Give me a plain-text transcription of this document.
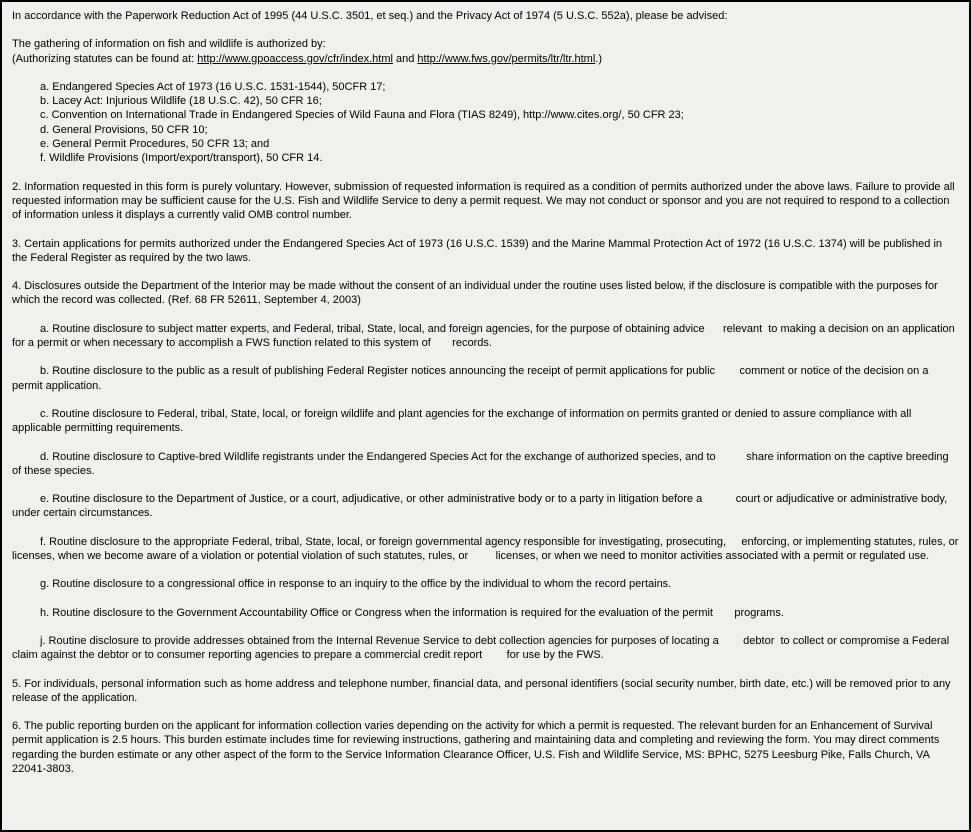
In accordance with the Paperwork Reduction Act of 1995 (44 U.S.C. 3501, et seq.) and the Privacy Act of 1974 (5 U.S.C. 552a), please be advised:

The gathering of information on fish and wildlife is authorized by:

(Authorizing statutes can be found at: http://www.gpoaccess.gov/cfr/index.html and http://www.fws.gov/permits/ltr/ltr.html.)

a. Endangered Species Act of 1973 (16 U.S.C. 1531-1544), 50CFR 17;

b. Lacey Act: Injurious Wildlife (18 U.S.C. 42), 50 CFR 16;

c. Convention on International Trade in Endangered Species of Wild Fauna and Flora (TIAS 8249), http://www.cites.org/, 50 CFR 23;

d. General Provisions, 50 CFR 10;

e. General Permit Procedures, 50 CFR 13; and

f. Wildlife Provisions (Import/export/transport), 50 CFR 14.

2. Information requested in this form is purely voluntary. However, submission of requested information is required as a condition of permits authorized under the above laws. Failure to provide all requested information may be sufficient cause for the U.S. Fish and Wildlife Service to deny a permit request. We may not conduct or sponsor and you are not required to respond to a collection of information unless it displays a currently valid OMB control number.

3. Certain applications for permits authorized under the Endangered Species Act of 1973 (16 U.S.C. 1539) and the Marine Mammal Protection Act of 1972 (16 U.S.C. 1374) will be published in the Federal Register as required by the two laws.

4. Disclosures outside the Department of the Interior may be made without the consent of an individual under the routine uses listed below, if the disclosure is compatible with the purposes for which the record was collected. (Ref. 68 FR 52611, September 4, 2003)

a. Routine disclosure to subject matter experts, and Federal, tribal, State, local, and foreign agencies, for the purpose of obtaining advice      relevant  to making a decision on an application for a permit or when necessary to accomplish a FWS function related to this system of       records.

b. Routine disclosure to the public as a result of publishing Federal Register notices announcing the receipt of permit applications for public        comment or notice of the decision on a permit application.

c. Routine disclosure to Federal, tribal, State, local, or foreign wildlife and plant agencies for the exchange of information on permits granted or denied to assure compliance with all applicable permitting requirements.

d. Routine disclosure to Captive-bred Wildlife registrants under the Endangered Species Act for the exchange of authorized species, and to          share information on the captive breeding of these species.

e. Routine disclosure to the Department of Justice, or a court, adjudicative, or other administrative body or to a party in litigation before a           court or adjudicative or administrative body, under certain circumstances.

f. Routine disclosure to the appropriate Federal, tribal, State, local, or foreign governmental agency responsible for investigating, prosecuting,     enforcing, or implementing statutes, rules, or licenses, when we become aware of a violation or potential violation of such statutes, rules, or         licenses, or when we need to monitor activities associated with a permit or regulated use.

g. Routine disclosure to a congressional office in response to an inquiry to the office by the individual to whom the record pertains.

h. Routine disclosure to the Government Accountability Office or Congress when the information is required for the evaluation of the permit       programs.

j. Routine disclosure to provide addresses obtained from the Internal Revenue Service to debt collection agencies for purposes of locating a        debtor  to collect or compromise a Federal claim against the debtor or to consumer reporting agencies to prepare a commercial credit report        for use by the FWS.

5. For individuals, personal information such as home address and telephone number, financial data, and personal identifiers (social security number, birth date, etc.) will be removed prior to any release of the application.

6. The public reporting burden on the applicant for information collection varies depending on the activity for which a permit is requested. The relevant burden for an Enhancement of Survival permit application is 2.5 hours. This burden estimate includes time for reviewing instructions, gathering and maintaining data and completing and reviewing the form. You may direct comments regarding the burden estimate or any other aspect of the form to the Service Information Clearance Officer, U.S. Fish and Wildlife Service, MS: BPHC, 5275 Leesburg Pike, Falls Church, VA  22041-3803.
